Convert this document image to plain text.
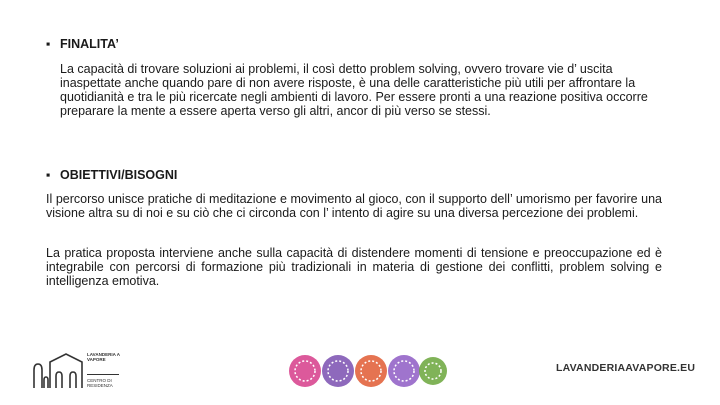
▪ FINALITA’
La capacità di trovare soluzioni ai problemi, il così detto problem solving, ovvero trovare vie d’ uscita inaspettate anche quando pare di non avere risposte, è una delle caratteristiche più utili per affrontare la quotidianità e tra le più ricercate negli ambienti di lavoro. Per essere pronti a una reazione positiva occorre preparare la mente a essere aperta verso gli altri, ancor di più verso se stessi.
▪ OBIETTIVI/BISOGNI
Il percorso unisce pratiche di meditazione e movimento al gioco, con il supporto dell’ umorismo per favorire una visione altra su di noi e su ciò che ci circonda con l’ intento di agire su una diversa percezione dei problemi.
La pratica proposta interviene anche sulla capacità di distendere momenti di tensione e preoccupazione ed è integrabile con percorsi di formazione più tradizionali in materia di gestione dei conflitti, problem solving e intelligenza emotiva.
LAVANDERIA A VAPORE
CENTRO DI RESIDENZA
LAVANDERIAAVAPORE.EU
